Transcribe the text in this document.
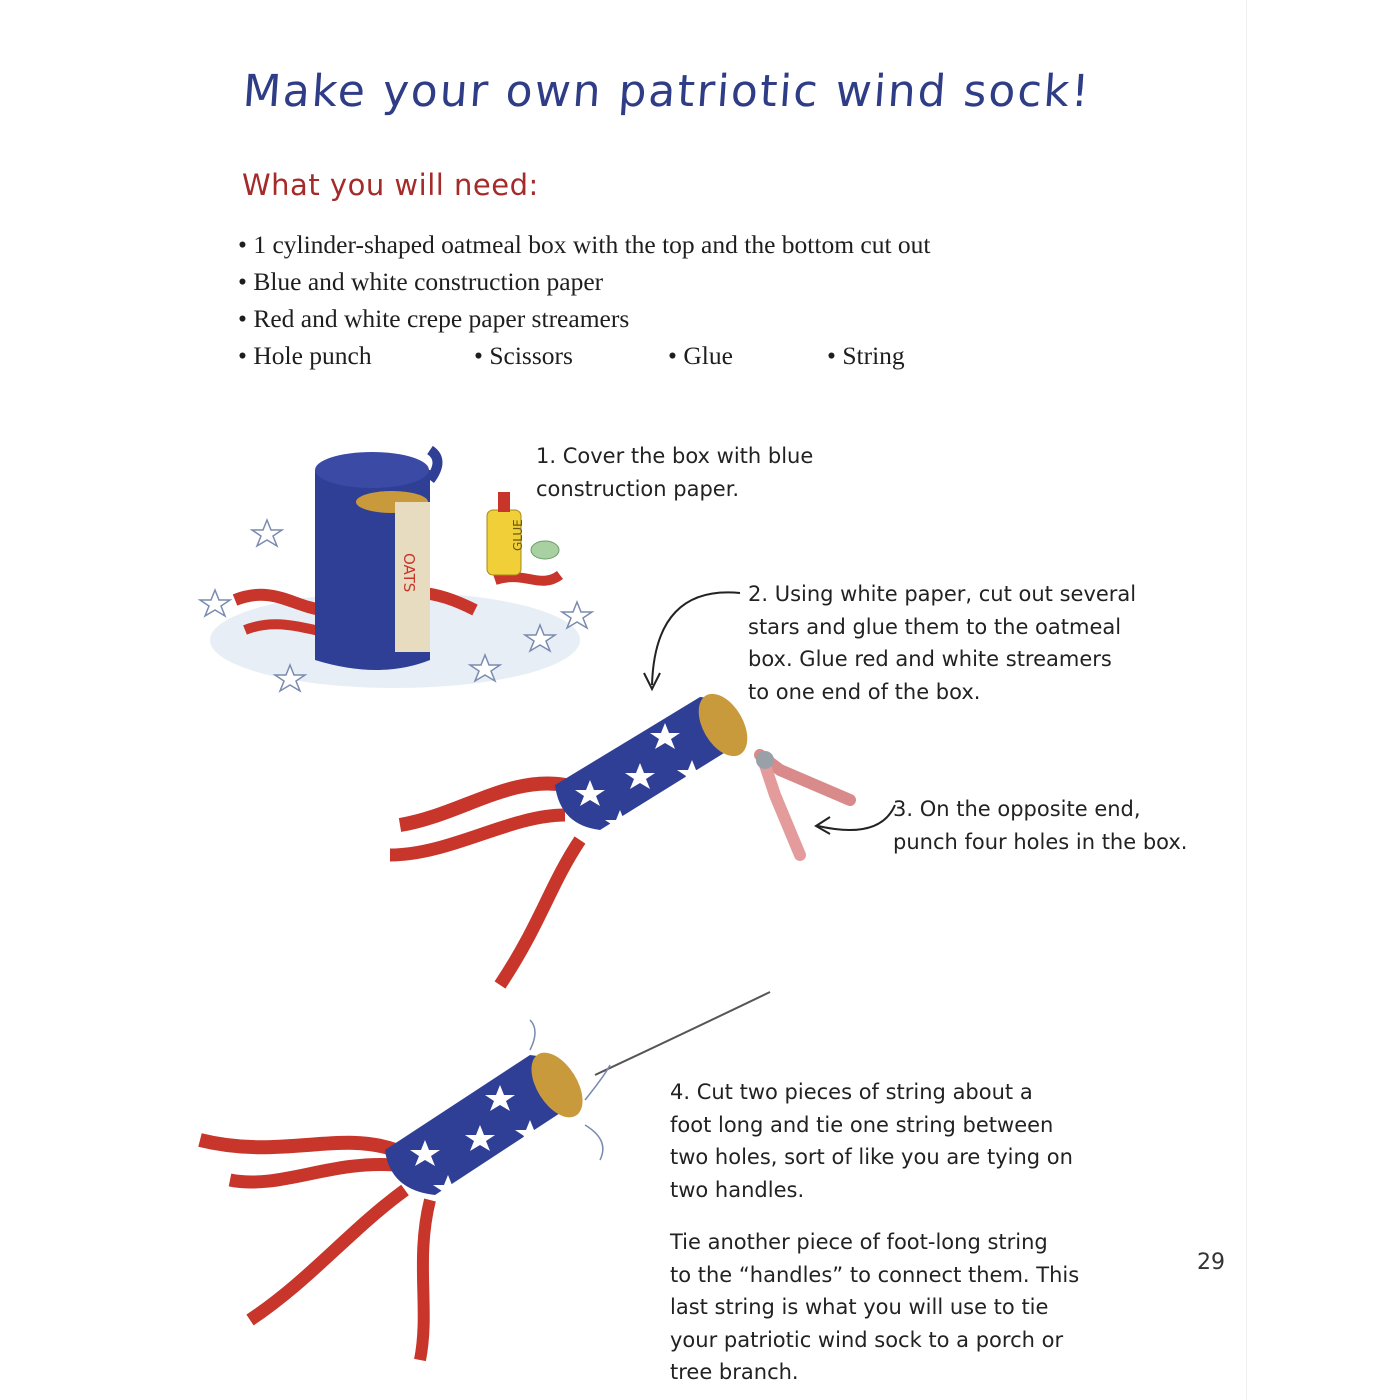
Make your own patriotic wind sock!
What you will need:
• 1 cylinder-shaped oatmeal box with the top and the bottom cut out
• Blue and white construction paper
• Red and white crepe paper streamers
• Hole punch	• Scissors	• Glue	• String
1. Cover the box with blue
construction paper.
2. Using white paper, cut out several
stars and glue them to the oatmeal
box. Glue red and white streamers
to one end of the box.
3. On the opposite end,
punch four holes in the box.
4. Cut two pieces of string about a
foot long and tie one string between
two holes, sort of like you are tying on
two handles.
Tie another piece of foot-long string
to the “handles” to connect them. This
last string is what you will use to tie
your patriotic wind sock to a porch or
tree branch.
29
OATS
GLUE
